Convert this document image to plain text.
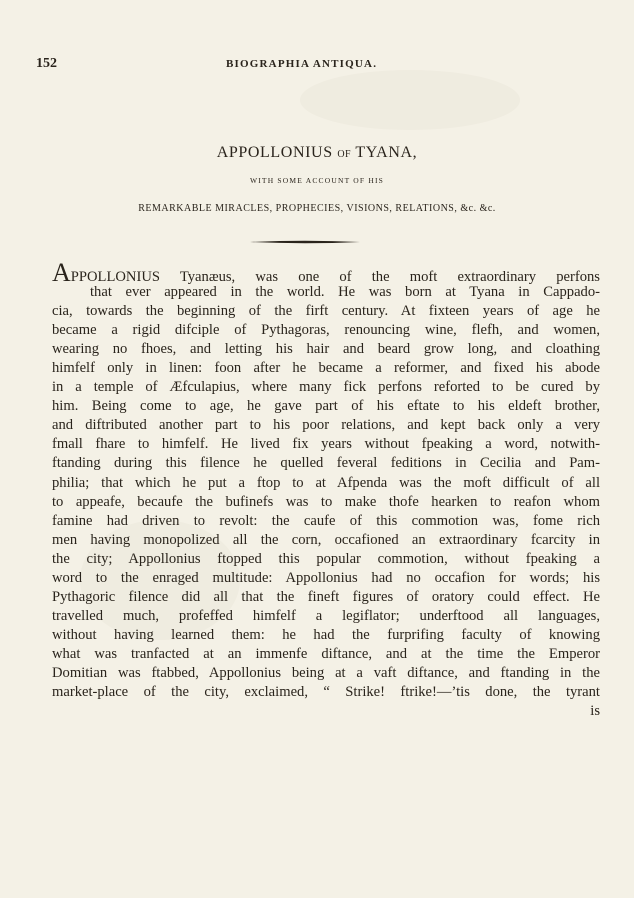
152	BIOGRAPHIA ANTIQUA.
APPOLLONIUS OF TYANA,
WITH SOME ACCOUNT OF HIS
REMARKABLE MIRACLES, PROPHECIES, VISIONS, RELATIONS, &c. &c.
APPOLLONIUS Tyanæus, was one of the moft extraordinary perfons
that ever appeared in the world. He was born at Tyana in Cappado-
cia, towards the beginning of the firft century. At fixteen years of age he
became a rigid difciple of Pythagoras, renouncing wine, flefh, and women,
wearing no fhoes, and letting his hair and beard grow long, and cloathing
himfelf only in linen: foon after he became a reformer, and fixed his abode
in a temple of Æfculapius, where many fick perfons reforted to be cured by
him. Being come to age, he gave part of his eftate to his eldeft brother,
and diftributed another part to his poor relations, and kept back only a very
fmall fhare to himfelf. He lived fix years without fpeaking a word, notwith-
ftanding during this filence he quelled feveral feditions in Cecilia and Pam-
philia; that which he put a ftop to at Afpenda was the moft difficult of all
to appeafe, becaufe the bufinefs was to make thofe hearken to reafon whom
famine had driven to revolt: the caufe of this commotion was, fome rich
men having monopolized all the corn, occafioned an extraordinary fcarcity in
the city; Appollonius ftopped this popular commotion, without fpeaking a
word to the enraged multitude: Appollonius had no occafion for words; his
Pythagoric filence did all that the fineft figures of oratory could effect. He
travelled much, profeffed himfelf a legiflator; underftood all languages,
without having learned them: he had the furprifing faculty of knowing
what was tranfacted at an immenfe diftance, and at the time the Emperor
Domitian was ftabbed, Appollonius being at a vaft diftance, and ftanding in the
market-place of the city, exclaimed, “ Strike! ftrike!—’tis done, the tyrant
is
